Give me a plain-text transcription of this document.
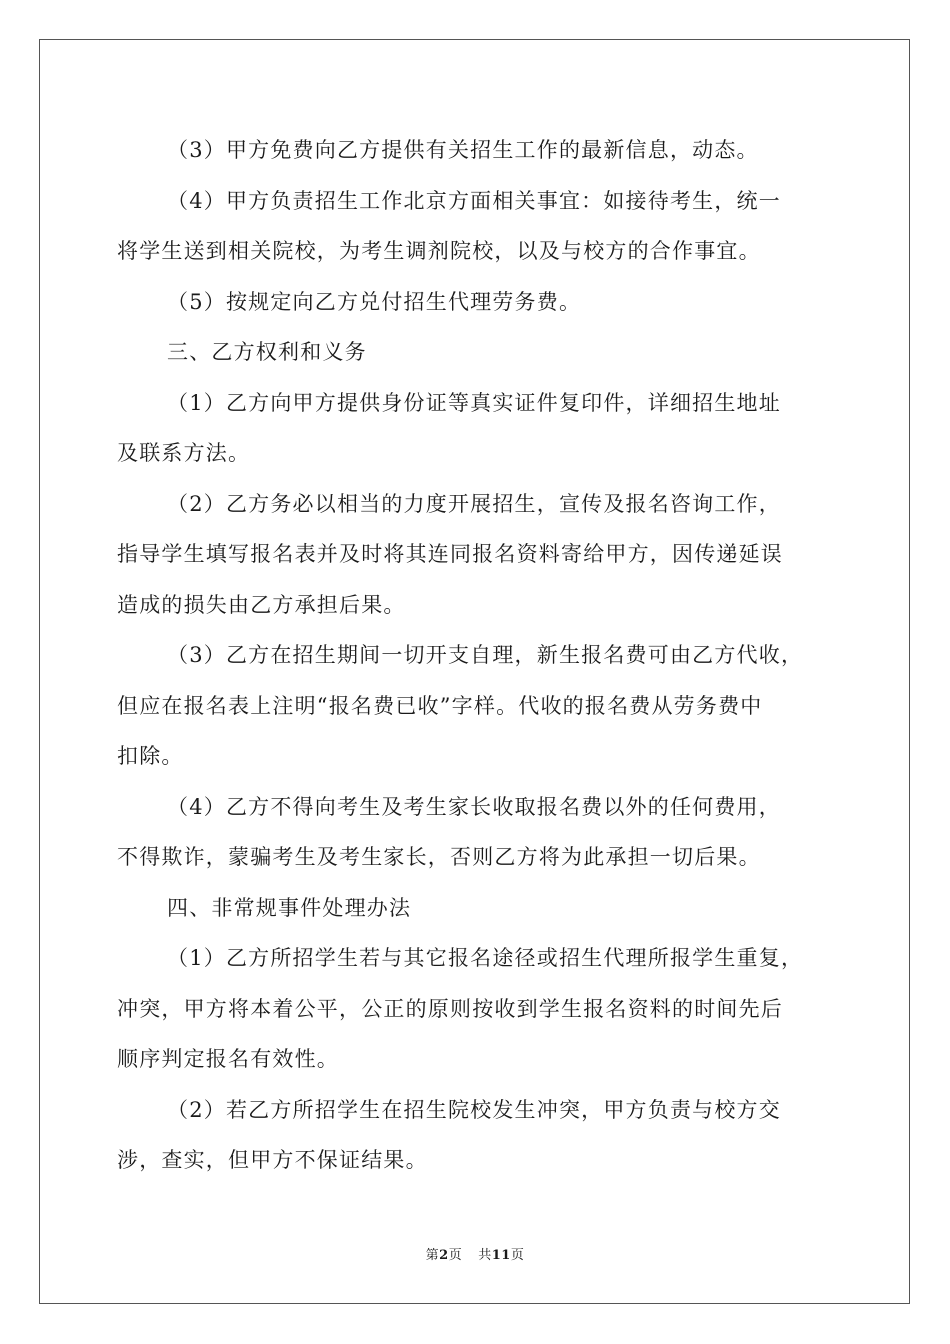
（3）甲方免费向乙方提供有关招生工作的最新信息，动态。

（4）甲方负责招生工作北京方面相关事宜：如接待考生，统一
将学生送到相关院校，为考生调剂院校，以及与校方的合作事宜。

（5）按规定向乙方兑付招生代理劳务费。

三、乙方权利和义务

（1）乙方向甲方提供身份证等真实证件复印件，详细招生地址
及联系方法。

（2）乙方务必以相当的力度开展招生，宣传及报名咨询工作，
指导学生填写报名表并及时将其连同报名资料寄给甲方，因传递延误
造成的损失由乙方承担后果。

（3）乙方在招生期间一切开支自理，新生报名费可由乙方代收，
但应在报名表上注明“报名费已收”字样。代收的报名费从劳务费中
扣除。

（4）乙方不得向考生及考生家长收取报名费以外的任何费用，
不得欺诈，蒙骗考生及考生家长，否则乙方将为此承担一切后果。

四、非常规事件处理办法

（1）乙方所招学生若与其它报名途径或招生代理所报学生重复，
冲突，甲方将本着公平，公正的原则按收到学生报名资料的时间先后
顺序判定报名有效性。

（2）若乙方所招学生在招生院校发生冲突，甲方负责与校方交
涉，查实，但甲方不保证结果。

第2页 共11页
